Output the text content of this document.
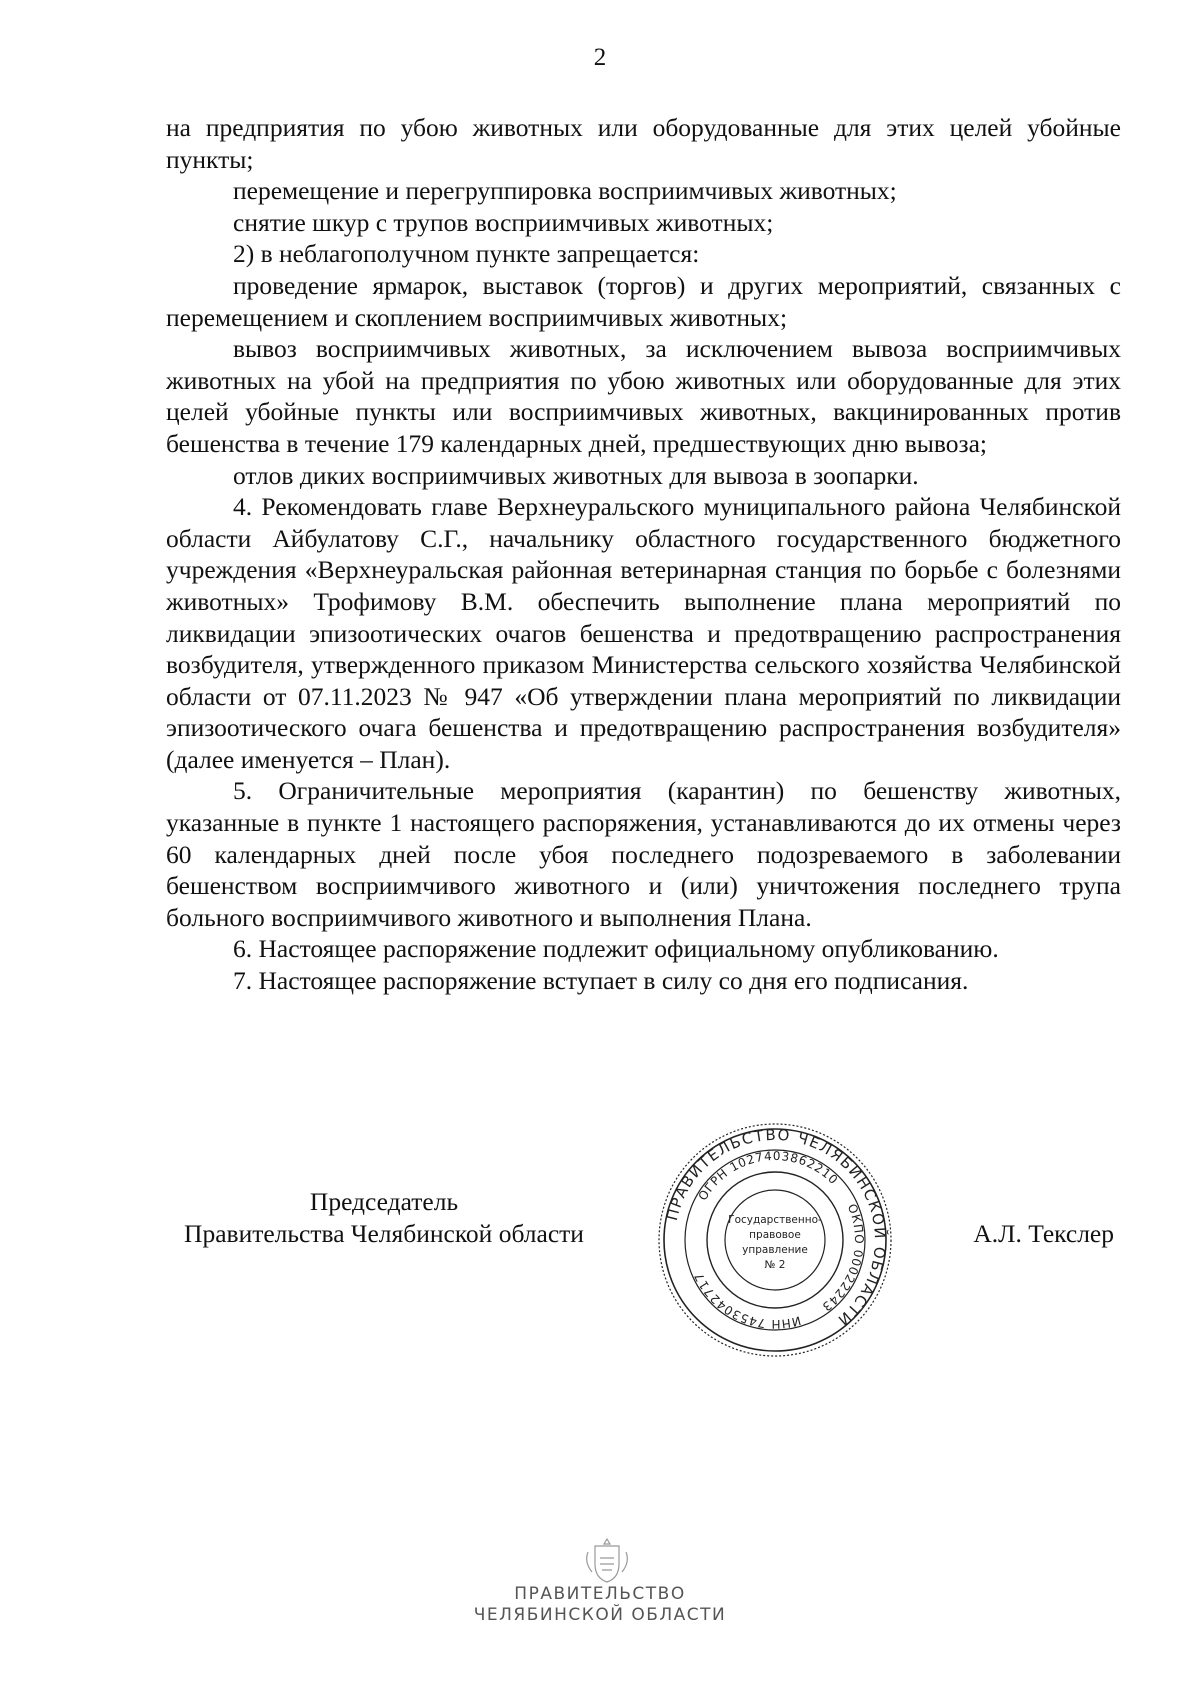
2

на предприятия по убою животных или оборудованные для этих целей убойные пункты;

перемещение и перегруппировка восприимчивых животных;

снятие шкур с трупов восприимчивых животных;

2) в неблагополучном пункте запрещается:

проведение ярмарок, выставок (торгов) и других мероприятий, связанных с перемещением и скоплением восприимчивых животных;

вывоз восприимчивых животных, за исключением вывоза восприимчивых животных на убой на предприятия по убою животных или оборудованные для этих целей убойные пункты или восприимчивых животных, вакцинированных против бешенства в течение 179 календарных дней, предшествующих дню вывоза;

отлов диких восприимчивых животных для вывоза в зоопарки.

4. Рекомендовать главе Верхнеуральского муниципального района Челябинской области Айбулатову С.Г., начальнику областного государственного бюджетного учреждения «Верхнеуральская районная ветеринарная станция по борьбе с болезнями животных» Трофимову В.М. обеспечить выполнение плана мероприятий по ликвидации эпизоотических очагов бешенства и предотвращению распространения возбудителя, утвержденного приказом Министерства сельского хозяйства Челябинской области от 07.11.2023 № 947 «Об утверждении плана мероприятий по ликвидации эпизоотического очага бешенства и предотвращению распространения возбудителя» (далее именуется – План).

5. Ограничительные мероприятия (карантин) по бешенству животных, указанные в пункте 1 настоящего распоряжения, устанавливаются до их отмены через 60 календарных дней после убоя последнего подозреваемого в заболевании бешенством восприимчивого животного и (или) уничтожения последнего трупа больного восприимчивого животного и выполнения Плана.

6. Настоящее распоряжение подлежит официальному опубликованию.

7. Настоящее распоряжение вступает в силу со дня его подписания.

Председатель
Правительства Челябинской области	А.Л. Текслер
ПРАВИТЕЛЬСТВО ЧЕЛЯБИНСКОЙ ОБЛАСТИ
ОГРН 1027403862210
ОКПО 00022243
ИНН 7453042717
Государственно-
правовое
управление
№ 2
ПРАВИТЕЛЬСТВО
ЧЕЛЯБИНСКОЙ ОБЛАСТИ
